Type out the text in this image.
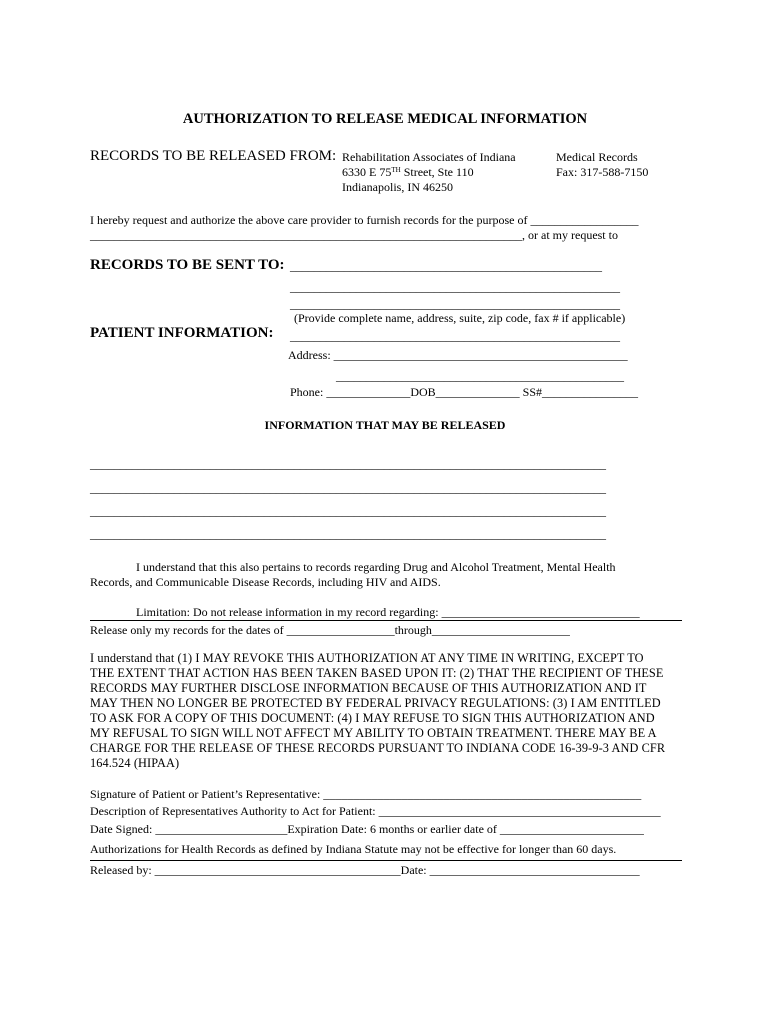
AUTHORIZATION TO RELEASE MEDICAL INFORMATION
RECORDS TO BE RELEASED FROM: Rehabilitation Associates of Indiana
6330 E 75TH Street, Ste 110
Indianapolis, IN 46250
Medical Records
Fax: 317-588-7150
I hereby request and authorize the above care provider to furnish records for the purpose of __________________
________________________________________________________________________, or at my request to
RECORDS TO BE SENT TO: ____________________________________________________
_______________________________________________________
_______________________________________________________
(Provide complete name, address, suite, zip code, fax # if applicable)
PATIENT INFORMATION: _______________________________________________________
Address: _________________________________________________
________________________________________________
Phone: ______________DOB______________ SS#________________
INFORMATION THAT MAY BE RELEASED
______________________________________________________________________________________
______________________________________________________________________________________
______________________________________________________________________________________
______________________________________________________________________________________
I understand that this also pertains to records regarding Drug and Alcohol Treatment, Mental Health
Records, and Communicable Disease Records, including HIV and AIDS.
Limitation: Do not release information in my record regarding: _________________________________
Release only my records for the dates of __________________through_______________________
I understand that (1) I MAY REVOKE THIS AUTHORIZATION AT ANY TIME IN WRITING, EXCEPT TO
THE EXTENT THAT ACTION HAS BEEN TAKEN BASED UPON IT: (2) THAT THE RECIPIENT OF THESE
RECORDS MAY FURTHER DISCLOSE INFORMATION BECAUSE OF THIS AUTHORIZATION AND IT
MAY THEN NO LONGER BE PROTECTED BY FEDERAL PRIVACY REGULATIONS: (3) I AM ENTITLED
TO ASK FOR A COPY OF THIS DOCUMENT: (4) I MAY REFUSE TO SIGN THIS AUTHORIZATION AND
MY REFUSAL TO SIGN WILL NOT AFFECT MY ABILITY TO OBTAIN TREATMENT. THERE MAY BE A
CHARGE FOR THE RELEASE OF THESE RECORDS PURSUANT TO INDIANA CODE 16-39-9-3 AND CFR
164.524 (HIPAA)
Signature of Patient or Patient’s Representative: _____________________________________________________
Description of Representatives Authority to Act for Patient: _______________________________________________
Date Signed: ______________________Expiration Date: 6 months or earlier date of ________________________
Authorizations for Health Records as defined by Indiana Statute may not be effective for longer than 60 days.
Released by: _________________________________________Date: ___________________________________
